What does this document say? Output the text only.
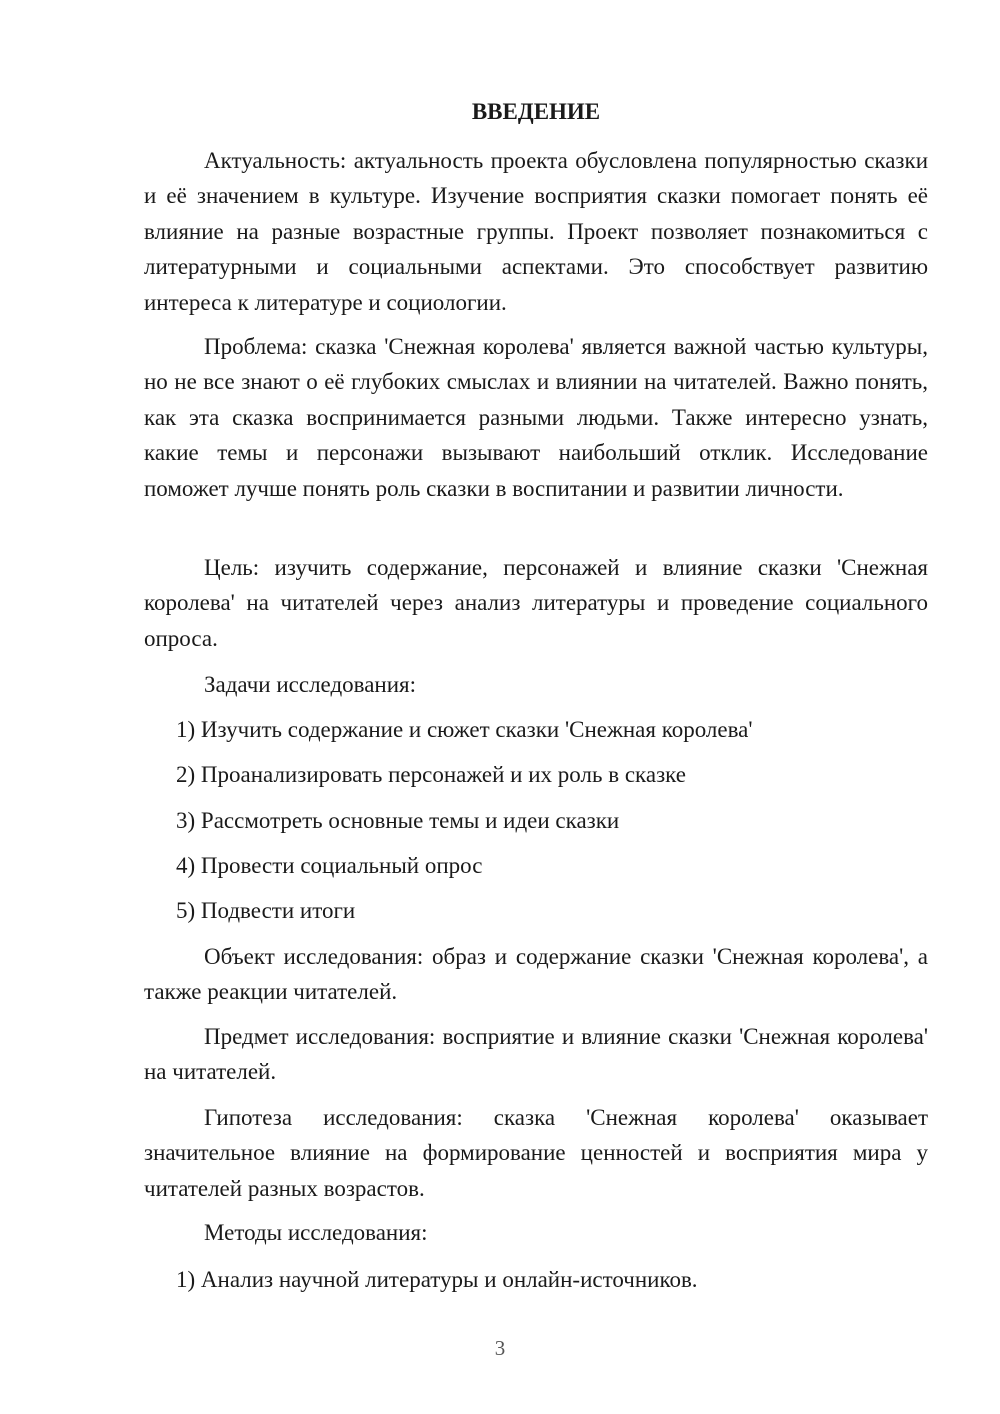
ВВЕДЕНИЕ

Актуальность: актуальность проекта обусловлена популярностью сказки и её значением в культуре. Изучение восприятия сказки помогает понять её влияние на разные возрастные группы. Проект позволяет познакомиться с литературными и социальными аспектами. Это способствует развитию интереса к литературе и социологии.

Проблема: сказка 'Снежная королева' является важной частью культуры, но не все знают о её глубоких смыслах и влиянии на читателей. Важно понять, как эта сказка воспринимается разными людьми. Также интересно узнать, какие темы и персонажи вызывают наибольший отклик. Исследование поможет лучше понять роль сказки в воспитании и развитии личности.

Цель: изучить содержание, персонажей и влияние сказки 'Снежная королева' на читателей через анализ литературы и проведение социального опроса.

Задачи исследования:
1) Изучить содержание и сюжет сказки 'Снежная королева'
2) Проанализировать персонажей и их роль в сказке
3) Рассмотреть основные темы и идеи сказки
4) Провести социальный опрос
5) Подвести итоги

Объект исследования: образ и содержание сказки 'Снежная королева', а также реакции читателей.

Предмет исследования: восприятие и влияние сказки 'Снежная королева' на читателей.

Гипотеза исследования: сказка 'Снежная королева' оказывает значительное влияние на формирование ценностей и восприятия мира у читателей разных возрастов.

Методы исследования:
1) Анализ научной литературы и онлайн-источников.
3
